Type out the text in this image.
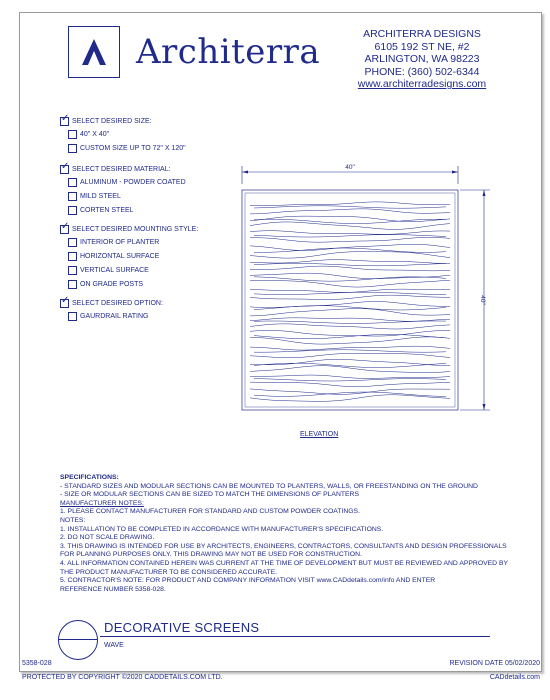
Architerra	ARCHITERRA DESIGNS
6105 192 ST NE, #2
ARLINGTON, WA 98223
PHONE: (360) 502-6344
www.architerradesigns.com
✓ SELECT DESIRED SIZE:
40" X 40"
CUSTOM SIZE UP TO 72" X 120"
✓ SELECT DESIRED MATERIAL:
ALUMINUM - POWDER COATED
MILD STEEL
CORTEN STEEL
✓ SELECT DESIRED MOUNTING STYLE:
INTERIOR OF PLANTER
HORIZONTAL SURFACE
VERTICAL SURFACE
ON GRADE POSTS
✓ SELECT DESIRED OPTION:
GAURDRAIL RATING
40"
40"
ELEVATION
SPECIFICATIONS:
- STANDARD SIZES AND MODULAR SECTIONS CAN BE MOUNTED TO PLANTERS, WALLS, OR FREESTANDING ON THE GROUND
- SIZE OR MODULAR SECTIONS CAN BE SIZED TO MATCH THE DIMENSIONS OF PLANTERS
MANUFACTURER NOTES:
1. PLEASE CONTACT MANUFACTURER FOR STANDARD AND CUSTOM POWDER COATINGS.
NOTES:
1. INSTALLATION TO BE COMPLETED IN ACCORDANCE WITH MANUFACTURER'S SPECIFICATIONS.
2. DO NOT SCALE DRAWING.
3. THIS DRAWING IS INTENDED FOR USE BY ARCHITECTS, ENGINEERS, CONTRACTORS, CONSULTANTS AND DESIGN PROFESSIONALS
FOR PLANNING PURPOSES ONLY. THIS DRAWING MAY NOT BE USED FOR CONSTRUCTION.
4. ALL INFORMATION CONTAINED HEREIN WAS CURRENT AT THE TIME OF DEVELOPMENT BUT MUST BE REVIEWED AND APPROVED BY
THE PRODUCT MANUFACTURER TO BE CONSIDERED ACCURATE.
5. CONTRACTOR'S NOTE: FOR PRODUCT AND COMPANY INFORMATION VISIT www.CADdetails.com/info AND ENTER
REFERENCE NUMBER 5358-028.
DECORATIVE SCREENS
WAVE
5358-028	REVISION DATE 05/02/2020
PROTECTED BY COPYRIGHT ©2020 CADDETAILS.COM LTD.	CADdetails.com
